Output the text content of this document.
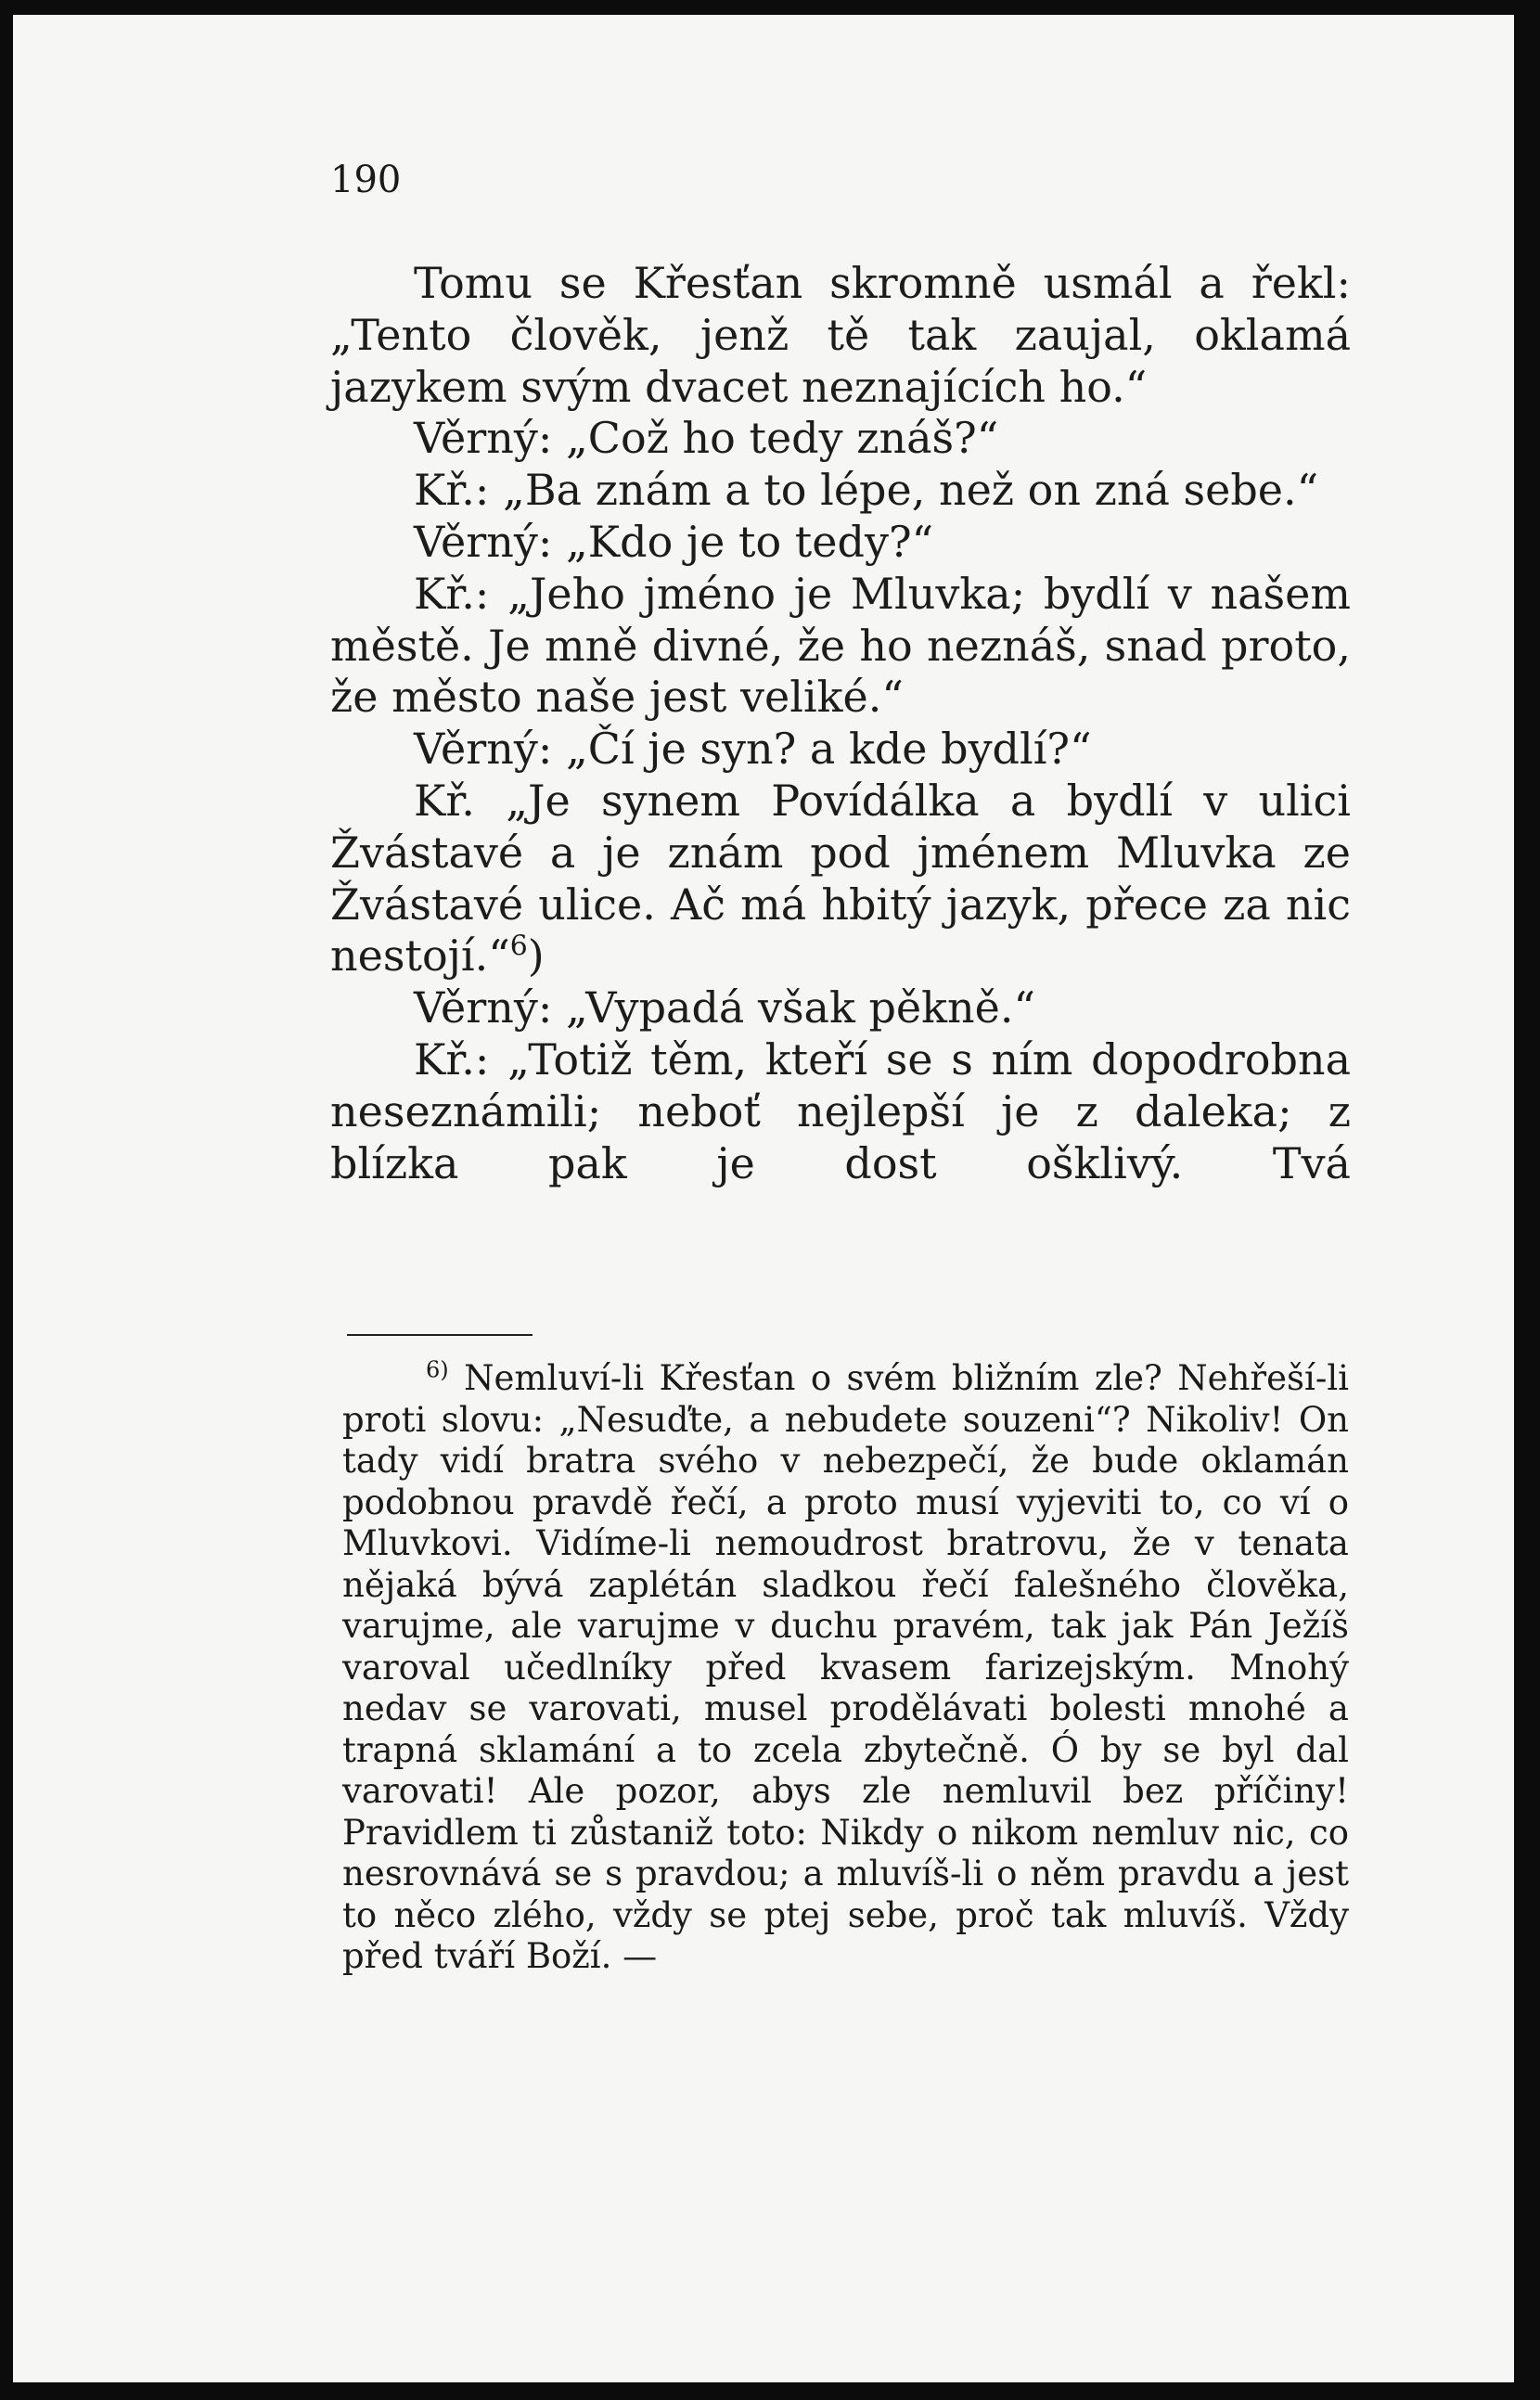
190

Tomu se Křesťan skromně usmál a řekl: „Tento člověk, jenž tě tak zaujal, oklamá jazykem svým dvacet neznajících ho.“

Věrný: „Což ho tedy znáš?“

Kř.: „Ba znám a to lépe, než on zná sebe.“

Věrný: „Kdo je to tedy?“

Kř.: „Jeho jméno je Mluvka; bydlí v našem městě. Je mně divné, že ho neznáš, snad proto, že město naše jest veliké.“

Věrný: „Čí je syn? a kde bydlí?“

Kř. „Je synem Povídálka a bydlí v ulici Žvástavé a je znám pod jménem Mluvka ze Žvástavé ulice. Ač má hbitý jazyk, přece za nic nestojí.“$^6$)

Věrný: „Vypadá však pěkně.“

Kř.: „Totiž těm, kteří se s ním dopodrobna neseznámili; neboť nejlepší je z daleka; z blízka pak je dost ošklivý. Tvá

$^{6)}$ Nemluví-li Křesťan o svém bližním zle? Nehřeší-li proti slovu: „Nesuďte, a nebudete souzeni“? Nikoliv! On tady vidí bratra svého v nebezpečí, že bude oklamán podobnou pravdě řečí, a proto musí vyjeviti to, co ví o Mluvkovi. Vidíme-li nemoudrost bratrovu, že v tenata nějaká bývá zaplétán sladkou řečí falešného člověka, varujme, ale varujme v duchu pravém, tak jak Pán Ježíš varoval učedlníky před kvasem farizejským. Mnohý nedav se varovati, musel prodělávati bolesti mnohé a trapná sklamání a to zcela zbytečně. Ó by se byl dal varovati! Ale pozor, abys zle nemluvil bez příčiny! Pravidlem ti zůstaniž toto: Nikdy o nikom nemluv nic, co nesrovnává se s pravdou; a mluvíš-li o něm pravdu a jest to něco zlého, vždy se ptej sebe, proč tak mluvíš. Vždy před tváří Boží. —
